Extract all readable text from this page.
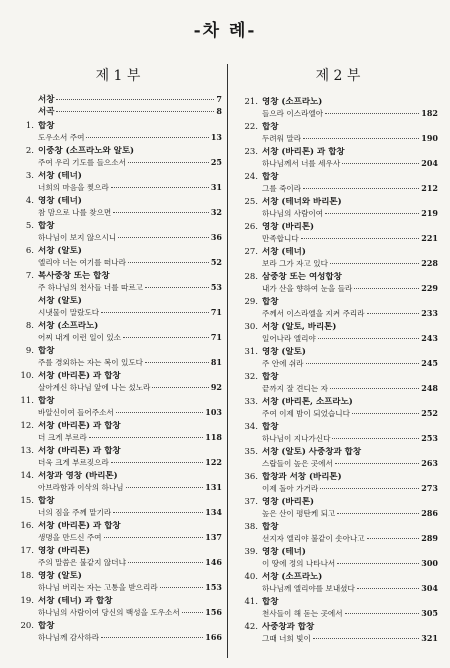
-차 례-
제 1 부
서창	7
서곡	8
1. 합창
도우소서 주여	13
2. 이중창 (소프라노와 알토)
주여 우리 기도를 들으소서	25
3. 서창 (테너)
너희의 마음을 찢으라	31
4. 영창 (테너)
참 맘으로 나를 찾으면	32
5. 합창
하나님이 보지 않으시니	36
6. 서창 (알토)
엘리야 너는 여기를 떠나라	52
7. 복사중창 또는 합창
주 하나님의 천사들 너를 따르고	53
서창 (알토)
시냇물이 말랐도다	71
8. 서창 (소프라노)
어찌 내게 이런 일이 있소	71
9. 합창
주를 경외하는 자는 복이 있도다	81
10. 서창 (바리톤) 과 합창
살아계신 하나님 앞에 나는 섰노라	92
11. 합창
바알신이여 들어주소서	103
12. 서창 (바리톤) 과 합창
더 크게 부르라	118
13. 서창 (바리톤) 과 합창
더욱 크게 부르짖으라	122
14. 서창과 영창 (바리톤)
아브라함과 이삭의 하나님	131
15. 합창
너의 짐을 주께 맡기라	134
16. 서창 (바리톤) 과 합창
생명을 만드신 주여	137
17. 영창 (바리톤)
주의 말씀은 불같지 않더냐	146
18. 영창 (알토)
하나님 버리는 자는 고통을 받으리라	153
19. 서창 (테너) 과 합창
하나님의 사람이여 당신의 백성을 도우소서	156
20. 합창
하나님께 감사하라	166
제 2 부
21. 영창 (소프라노)
들으라 이스라엘아	182
22. 합창
두려워 말라	190
23. 서창 (바리톤) 과 합창
하나님께서 너를 세우사	204
24. 합창
그를 죽이라	212
25. 서창 (테너와 바리톤)
하나님의 사람이여	219
26. 영창 (바리톤)
만족합니다	221
27. 서창 (테너)
보라 그가 자고 있다	228
28. 삼중창 또는 여성합창
내가 산을 향하여 눈을 들라	229
29. 합창
주께서 이스라엘을 지켜 주리라	233
30. 서창 (알토, 바리톤)
일어나라 엘리야	243
31. 영창 (알토)
주 안에 쉬라	245
32. 합창
끝까지 잘 견디는 자	248
33. 서창 (바리톤, 소프라노)
주여 이제 밤이 되었습니다	252
34. 합창
하나님이 지나가신다	253
35. 서창 (알토) 사중창과 합창
스랍들이 높은 곳에서	263
36. 합창과 서창 (바리톤)
이제 돌아 가거라	273
37. 영창 (바리톤)
높은 산이 평탄케 되고	286
38. 합창
선지자 엘리야 불같이 솟아나고	289
39. 영창 (테너)
이 땅에 정의 나타나서	300
40. 서창 (소프라노)
하나님께 엘리야를 보내셨다	304
41. 합창
천사들이 해 돋는 곳에서	305
42. 사중창과 합창
그때 너희 빛이	321
